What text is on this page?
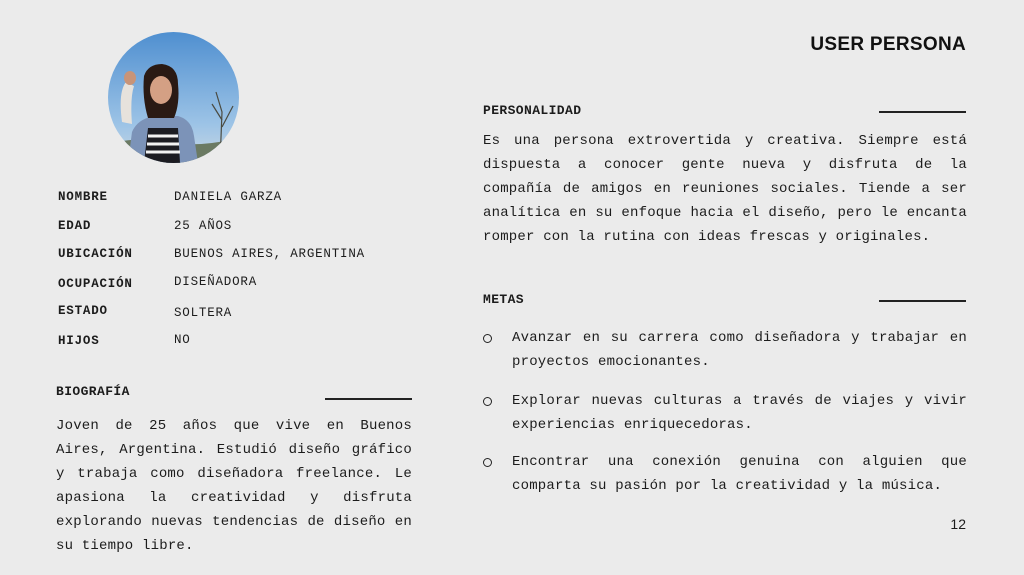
USER PERSONA
NOMBRE	DANIELA GARZA
EDAD	25 AÑOS
UBICACIÓN	BUENOS AIRES, ARGENTINA
OCUPACIÓN	DISEÑADORA
ESTADO	SOLTERA
HIJOS	NO
BIOGRAFÍA
Joven de 25 años que vive en Buenos Aires, Argentina. Estudió diseño gráfico y trabaja como diseñadora freelance. Le apasiona la creatividad y disfruta explorando nuevas tendencias de diseño en su tiempo libre.
PERSONALIDAD
Es una persona extrovertida y creativa. Siempre está dispuesta a conocer gente nueva y disfruta de la compañía de amigos en reuniones sociales. Tiende a ser analítica en su enfoque hacia el diseño, pero le encanta romper con la rutina con ideas frescas y originales.
METAS
Avanzar en su carrera como diseñadora y trabajar en proyectos emocionantes.
Explorar nuevas culturas a través de viajes y vivir experiencias enriquecedoras.
Encontrar una conexión genuina con alguien que comparta su pasión por la creatividad y la música.
12
